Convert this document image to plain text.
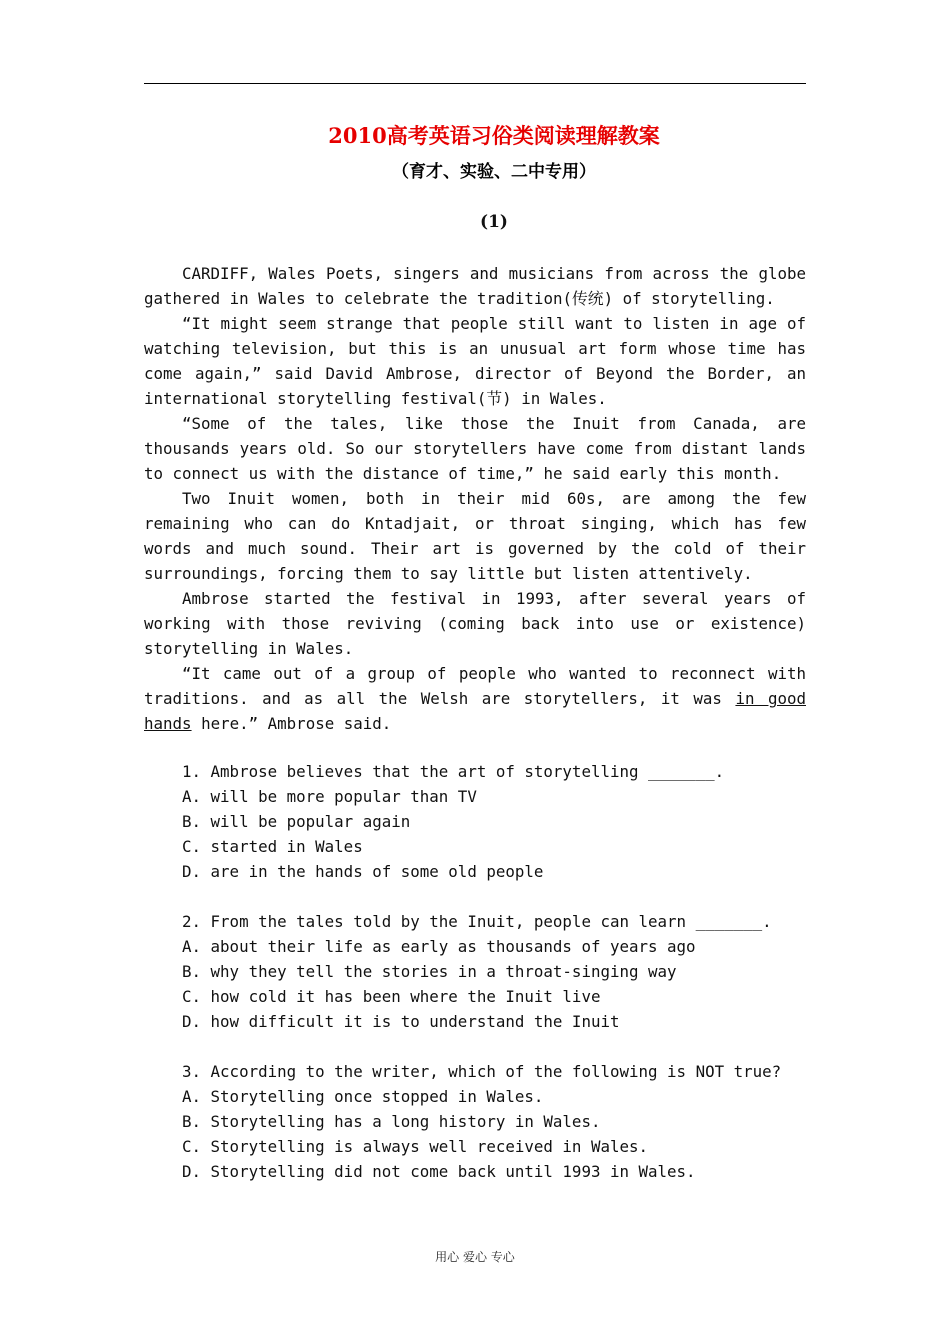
2010高考英语习俗类阅读理解教案
（育才、实验、二中专用）
(1)

CARDIFF, Wales Poets, singers and musicians from across the globe gathered in Wales to celebrate the tradition(传统) of storytelling.

“It might seem strange that people still want to listen in age of watching television, but this is an unusual art form whose time has come again,” said David Ambrose, director of Beyond the Border, an international storytelling festival(节) in Wales.

“Some of the tales, like those the Inuit from Canada, are thousands years old. So our storytellers have come from distant lands to connect us with the distance of time,” he said early this month.

Two Inuit women, both in their mid 60s, are among the few remaining who can do Kntadjait, or throat singing, which has few words and much sound. Their art is governed by the cold of their surroundings, forcing them to say little but listen attentively.

Ambrose started the festival in 1993, after several years of working with those reviving (coming back into use or existence) storytelling in Wales.

“It came out of a group of people who wanted to reconnect with traditions. and as all the Welsh are storytellers, it was in good hands here.” Ambrose said.

1. Ambrose believes that the art of storytelling _______.
A. will be more popular than TV
B. will be popular again
C. started in Wales
D. are in the hands of some old people
2. From the tales told by the Inuit, people can learn _______.
A. about their life as early as thousands of years ago
B. why they tell the stories in a throat-singing way
C. how cold it has been where the Inuit live
D. how difficult it is to understand the Inuit
3. According to the writer, which of the following is NOT true?
A. Storytelling once stopped in Wales.
B. Storytelling has a long history in Wales.
C. Storytelling is always well received in Wales.
D. Storytelling did not come back until 1993 in Wales.
用心 爱心 专心
